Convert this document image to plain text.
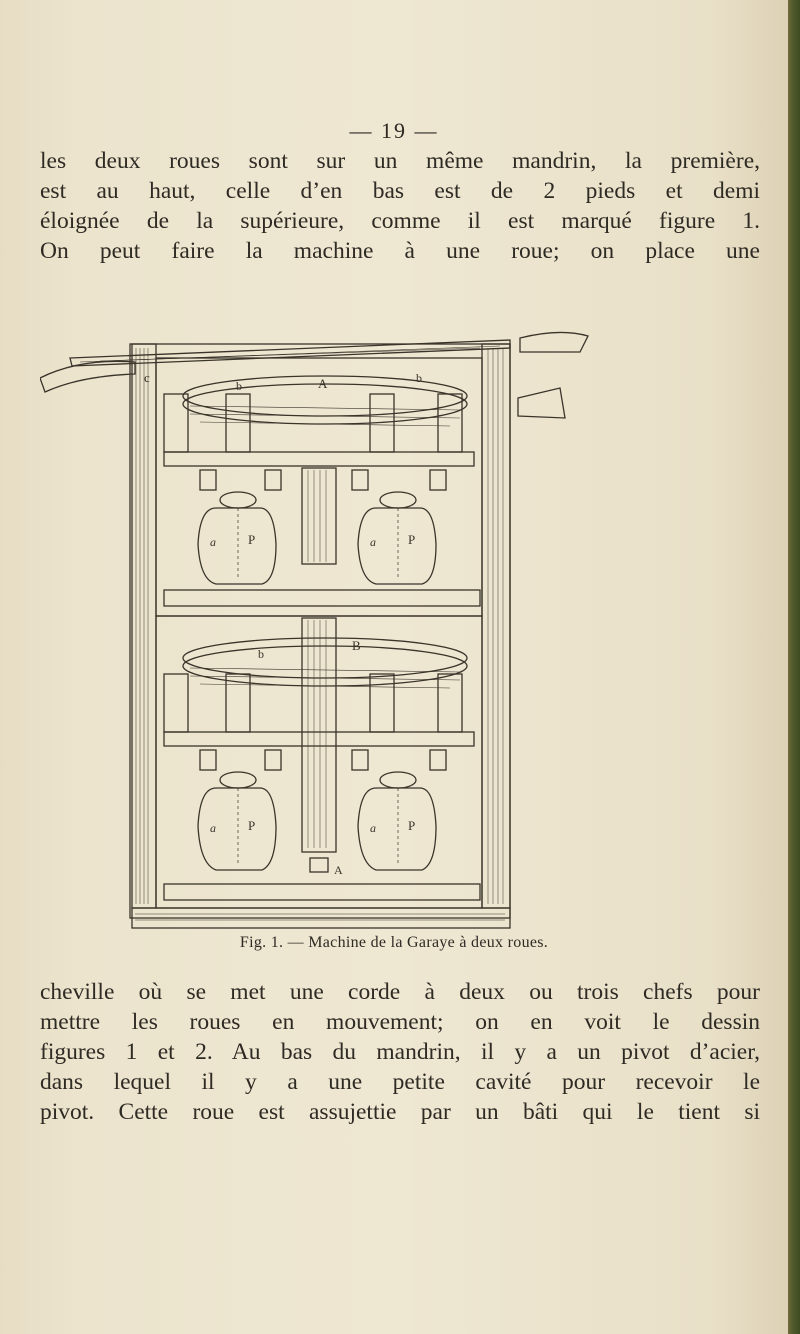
— 19 —
les deux roues sont sur un même mandrin, la première,
est au haut, celle d’en bas est de 2 pieds et demi
éloignée de la supérieure, comme il est marqué figure 1.
On peut faire la machine à une roue; on place une
c
b	A	b
a P	a P
B
b
A
a P	a P
Fig. 1. — Machine de la Garaye à deux roues.
cheville où se met une corde à deux ou trois chefs pour
mettre les roues en mouvement; on en voit le dessin
figures 1 et 2. Au bas du mandrin, il y a un pivot d’acier,
dans lequel il y a une petite cavité pour recevoir le
pivot. Cette roue est assujettie par un bâti qui le tient si
